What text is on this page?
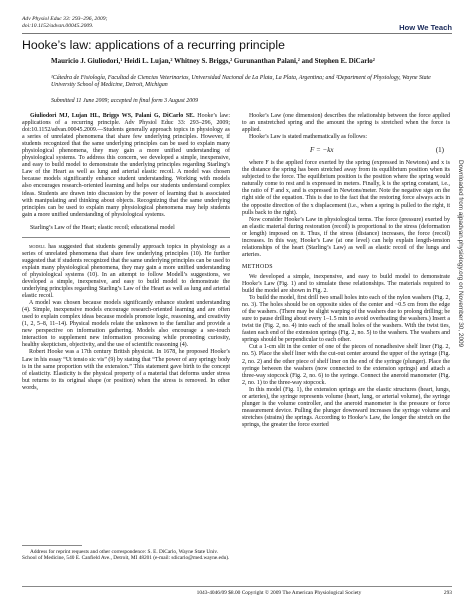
Adv Physiol Educ 33: 293–296, 2009;
doi:10.1152/advan.00045.2009.	How We Teach
Hooke’s law: applications of a recurring principle
Mauricio J. Giuliodori,¹ Heidi L. Lujan,² Whitney S. Briggs,² Gurunanthan Palani,² and Stephen E. DiCarlo²
¹Cátedra de Fisiología, Facultad de Ciencias Veterinarias, Universidad Nacional de La Plata, La Plata, Argentina; and ²Department of Physiology, Wayne State University School of Medicine, Detroit, Michigan
Submitted 11 June 2009; accepted in final form 3 August 2009

Giuliodori MJ, Lujan HL, Briggs WS, Palani G, DiCarlo SE. Hooke’s law: applications of a recurring principle. Adv Physiol Educ 33: 293–296, 2009; doi:10.1152/advan.00045.2009.—Students generally approach topics in physiology as a series of unrelated phenomena that share few underlying principles. However, if students recognized that the same underlying principles can be used to explain many physiological phenomena, they may gain a more unified understanding of physiological systems. To address this concern, we developed a simple, inexpensive, and easy to build model to demonstrate the underlying principles regarding Starling’s Law of the Heart as well as lung and arterial elastic recoil. A model was chosen because models significantly enhance student understanding. Working with models also encourages research-oriented learning and helps our students understand complex ideas. Students are drawn into discussion by the power of learning that is associated with manipulating and thinking about objects. Recognizing that the same underlying principles can be used to explain many physiological phenomena may help students gain a more unified understanding of physiological systems.

Starling’s Law of the Heart; elastic recoil; educational model

modell has suggested that students generally approach topics in physiology as a series of unrelated phenomena that share few underlying principles (10). He further suggested that if students recognized that the same underlying principles can be used to explain many physiological phenomena, they may gain a more unified understanding of physiological systems (10). In an attempt to follow Modell’s suggestions, we developed a simple, inexpensive, and easy to build model to demonstrate the underlying principles regarding Starling’s Law of the Heart as well as lung and arterial elastic recoil.

A model was chosen because models significantly enhance student understanding (4). Simple, inexpensive models encourage research-oriented learning and are often used to explain complex ideas because models promote logic, reasoning, and creativity (1, 2, 5–8, 11–14). Physical models relate the unknown to the familiar and provide a new perspective on information gathering. Models also encourage a see-touch interaction to supplement new information processing while promoting curiosity, healthy skepticism, objectivity, and the use of scientific reasoning (4).

Robert Hooke was a 17th century British physicist. In 1678, he proposed Hooke’s Law in his essay “Ut tensio sic vis” (9) by stating that “The power of any springy body is in the same proportion with the extension.” This statement gave birth to the concept of elasticity. Elasticity is the physical property of a material that deforms under stress but returns to its original shape (or position) when the stress is removed. In other words,

Address for reprint requests and other correspondence: S. E. DiCarlo, Wayne State Univ. School of Medicine, 540 E. Canfield Ave., Detroit, MI 48201 (e-mail: sdicarlo@med.wayne.edu).

Hooke’s Law (one dimension) describes the relationship between the force applied to an unstretched spring and the amount the spring is stretched when the force is applied.

Hooke’s Law is stated mathematically as follows:

F = −kx	(1)

where F is the applied force exerted by the spring (expressed in Newtons) and x is the distance the spring has been stretched away from its equilibrium position when its subjected to the force. The equilibrium position is the position where the spring would naturally come to rest and is expressed in meters. Finally, k is the spring constant, i.e., the ratio of F and x, and is expressed in Newtons/meter. Note the negative sign on the right side of the equation. This is due to the fact that the restoring force always acts in the opposite direction of the x displacement (i.e., when a spring is pulled to the right, it pulls back to the right).

Now consider Hooke’s Law in physiological terms. The force (pressure) exerted by an elastic material during restoration (recoil) is proportional to the stress (deformation or length) imposed on it. Thus, if the stress (distance) increases, the force (recoil) increases. In this way, Hooke’s Law (at one level) can help explain length-tension relationships of the heart (Starling’s Law) as well as elastic recoil of the lungs and arteries.

METHODS

We developed a simple, inexpensive, and easy to build model to demonstrate Hooke’s Law (Fig. 1) and to simulate these relationships. The materials required to build the model are shown in Fig. 2.

To build the model, first drill two small holes into each of the nylon washers (Fig. 2, no. 3). The holes should be on opposite sides of the center and ~0.5 cm from the edge of the washers. (There may be slight warping of the washers due to prolong drilling; be sure to pause drilling about every 1–1.5 min to avoid overheating the washers.) Insert a twist tie (Fig. 2, no. 4) into each of the small holes of the washers. With the twist ties, fasten each end of the extension springs (Fig. 2, no. 5) to the washers. The washers and springs should be perpendicular to each other.

Cut a 1-cm slit in the center of one of the pieces of nonadhesive shelf liner (Fig. 2, no. 5). Place the shelf liner with the cut-out center around the upper of the syringe (Fig. 2, no. 2) and the other piece of shelf liner on the end of the syringe (plunger). Place the syringe between the washers (now connected to the extension springs) and attach a three-way stopcock (Fig. 2, no. 6) to the syringe. Connect the aneroid manometer (Fig. 2, no. 1) to the three-way stopcock.

In this model (Fig. 1), the extension springs are the elastic structures (heart, lungs, or arteries), the syringe represents volume (heart, lung, or arterial volume), the syringe plunger is the volume controller, and the aneroid manometer is the pressure or force measurement device. Pulling the plunger downward increases the syringe volume and stretches (strains) the springs. According to Hooke’s Law, the longer the stretch on the springs, the greater the force exerted

1043-4046/09 $8.00 Copyright © 2009 The American Physiological Society	293
Downloaded from ajpadvan.physiology.org on November 30, 2009
